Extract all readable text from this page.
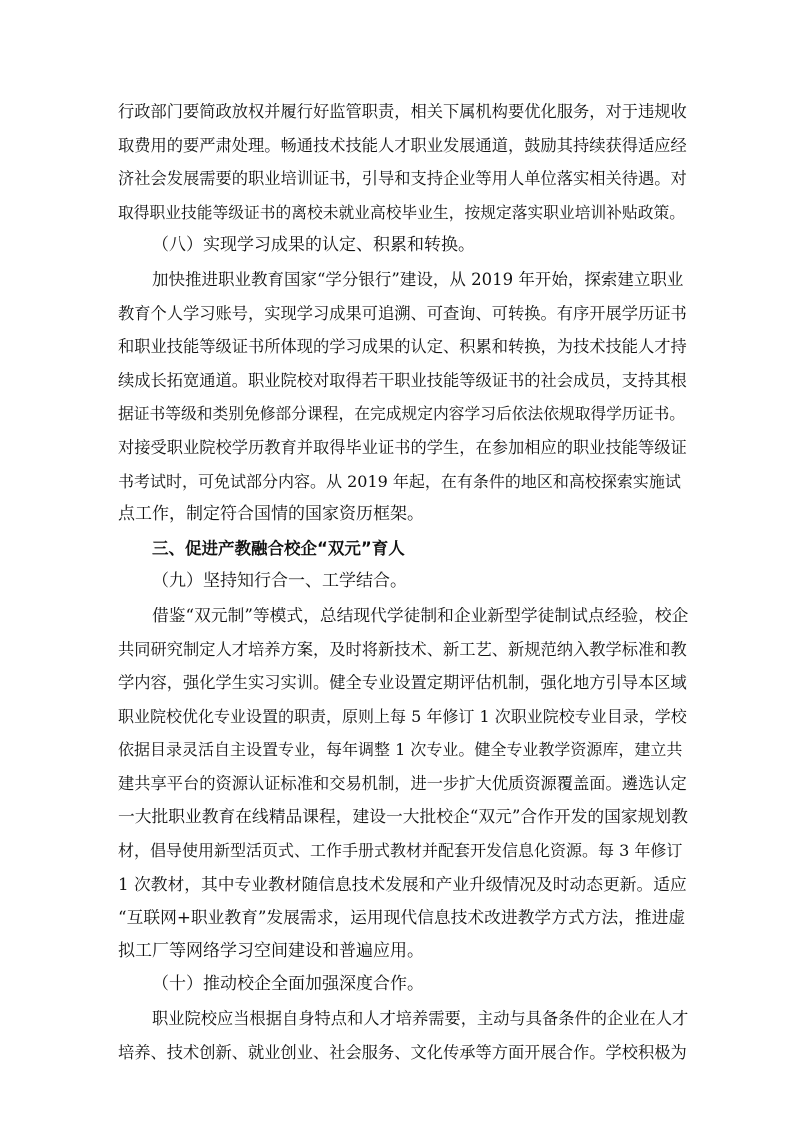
行政部门要简政放权并履行好监管职责，相关下属机构要优化服务，对于违规收
取费用的要严肃处理。畅通技术技能人才职业发展通道，鼓励其持续获得适应经
济社会发展需要的职业培训证书，引导和支持企业等用人单位落实相关待遇。对
取得职业技能等级证书的离校未就业高校毕业生，按规定落实职业培训补贴政策。
（八）实现学习成果的认定、积累和转换。
加快推进职业教育国家“学分银行”建设，从 2019 年开始，探索建立职业
教育个人学习账号，实现学习成果可追溯、可查询、可转换。有序开展学历证书
和职业技能等级证书所体现的学习成果的认定、积累和转换，为技术技能人才持
续成长拓宽通道。职业院校对取得若干职业技能等级证书的社会成员，支持其根
据证书等级和类别免修部分课程，在完成规定内容学习后依法依规取得学历证书。
对接受职业院校学历教育并取得毕业证书的学生，在参加相应的职业技能等级证
书考试时，可免试部分内容。从 2019 年起，在有条件的地区和高校探索实施试
点工作，制定符合国情的国家资历框架。
三、促进产教融合校企“双元”育人
（九）坚持知行合一、工学结合。
借鉴“双元制”等模式，总结现代学徒制和企业新型学徒制试点经验，校企
共同研究制定人才培养方案，及时将新技术、新工艺、新规范纳入教学标准和教
学内容，强化学生实习实训。健全专业设置定期评估机制，强化地方引导本区域
职业院校优化专业设置的职责，原则上每 5 年修订 1 次职业院校专业目录，学校
依据目录灵活自主设置专业，每年调整 1 次专业。健全专业教学资源库，建立共
建共享平台的资源认证标准和交易机制，进一步扩大优质资源覆盖面。遴选认定
一大批职业教育在线精品课程，建设一大批校企“双元”合作开发的国家规划教
材，倡导使用新型活页式、工作手册式教材并配套开发信息化资源。每 3 年修订
1 次教材，其中专业教材随信息技术发展和产业升级情况及时动态更新。适应
“互联网+职业教育”发展需求，运用现代信息技术改进教学方式方法，推进虚
拟工厂等网络学习空间建设和普遍应用。
（十）推动校企全面加强深度合作。
职业院校应当根据自身特点和人才培养需要，主动与具备条件的企业在人才
培养、技术创新、就业创业、社会服务、文化传承等方面开展合作。学校积极为
